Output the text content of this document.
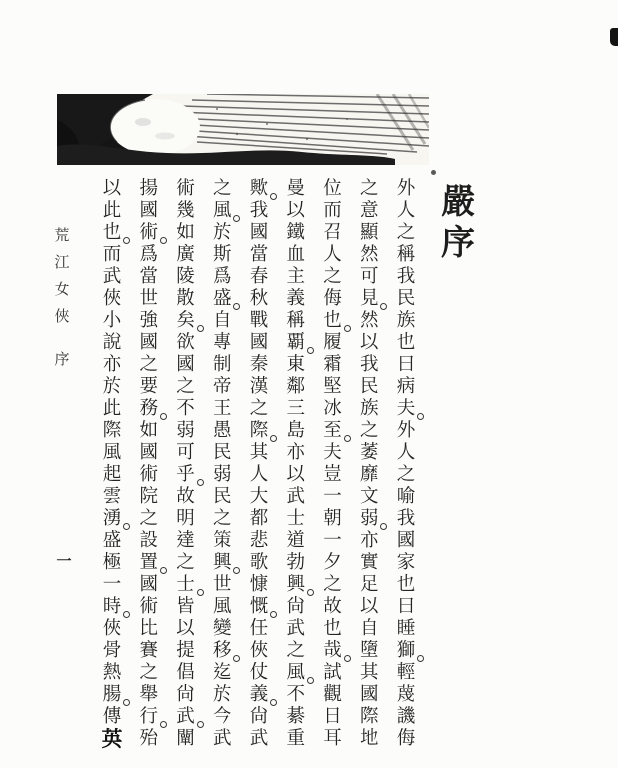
嚴
序
外
人
之
稱
我
民
族
也
曰
病
夫
外
人
之
喻
我
國
家
也
曰
睡
獅
輕
蔑
譏
侮
之
意
顯
然
可
見
然
以
我
民
族
之
萎
靡
文
弱
亦
實
足
以
自
墮
其
國
際
地
位
而
召
人
之
侮
也
履
霜
堅
冰
至
夫
豈
一
朝
一
夕
之
故
也
哉
試
觀
日
耳
曼
以
鐵
血
主
義
稱
覇
東
鄰
三
島
亦
以
武
士
道
勃
興
尙
武
之
風
不
綦
重
歟
我
國
當
春
秋
戰
國
秦
漢
之
際
其
人
大
都
悲
歌
慷
慨
任
俠
仗
義
尙
武
之
風
於
斯
爲
盛
自
專
制
帝
王
愚
民
弱
民
之
策
興
世
風
變
移
迄
於
今
武
術
幾
如
廣
陵
散
矣
欲
國
之
不
弱
可
乎
故
明
達
之
士
皆
以
提
倡
尙
武
闡
揚
國
術
爲
當
世
強
國
之
要
務
如
國
術
院
之
設
置
國
術
比
賽
之
舉
行
殆
以
此
也
而
武
俠
小
說
亦
於
此
際
風
起
雲
湧
盛
極
一
時
俠
骨
熱
腸
傳
英
荒
江
女
俠
序
一
